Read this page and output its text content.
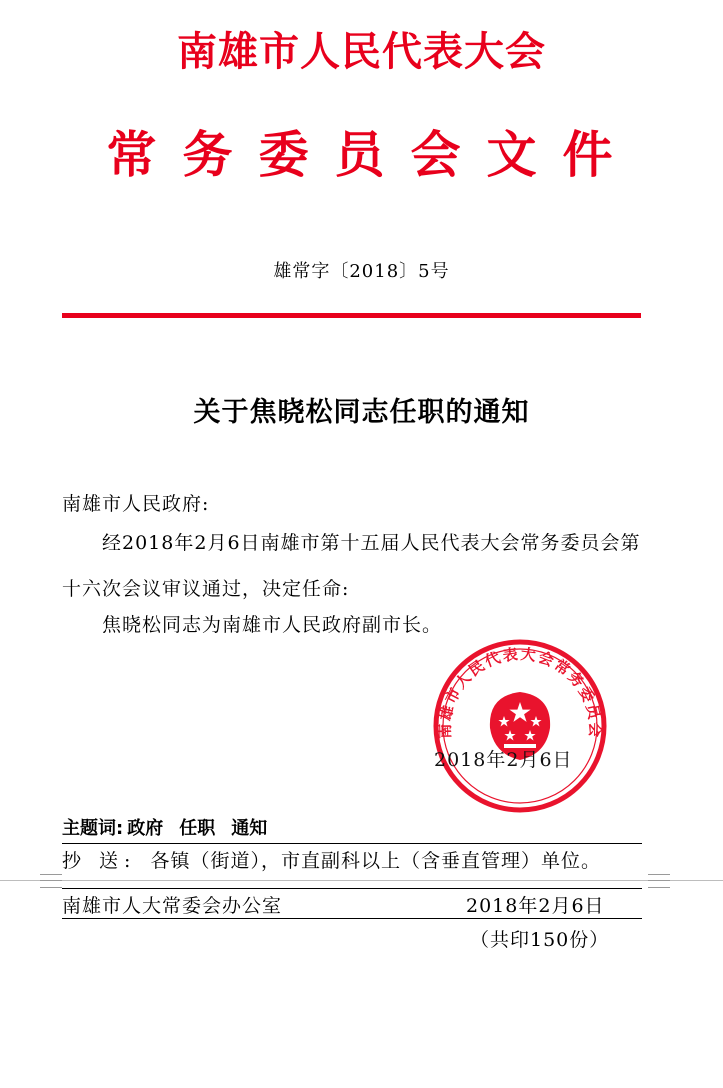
南雄市人民代表大会
常务委员会文件
雄常字〔2018〕5号
关于焦晓松同志任职的通知
南雄市人民政府:
经2018年2月6日南雄市第十五届人民代表大会常务委员会第十六次会议审议通过，决定任命:
焦晓松同志为南雄市人民政府副市长。
南雄市人民代表大会常务委员会
2018年2月6日
主题词: 政府 任职 通知
抄 送: 各镇（街道），市直副科以上（含垂直管理）单位。
南雄市人大常委会办公室	2018年2月6日
（共印150份）
